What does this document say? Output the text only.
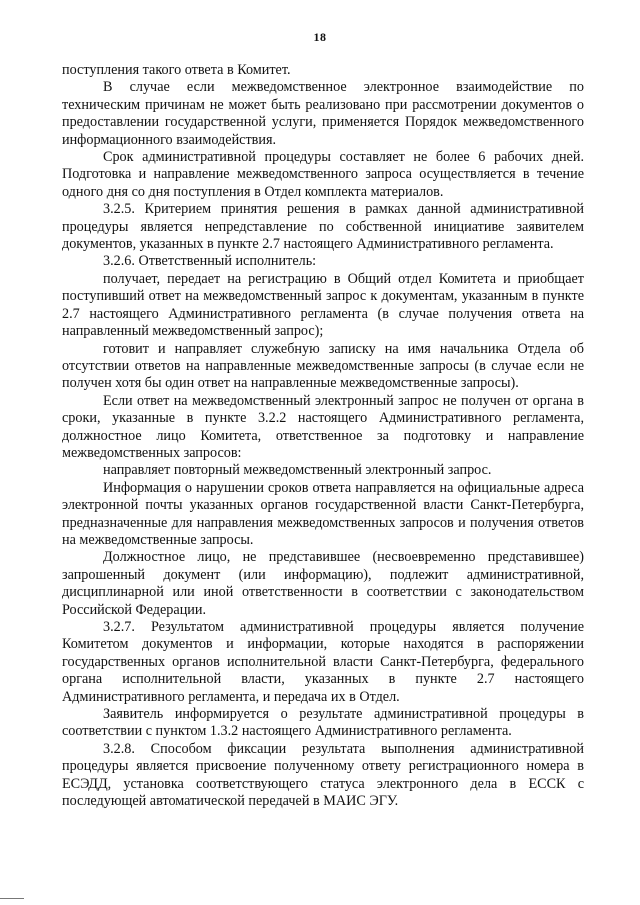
18

поступления такого ответа в Комитет.

В случае если межведомственное электронное взаимодействие по техническим причинам не может быть реализовано при рассмотрении документов о предоставлении государственной услуги, применяется Порядок межведомственного информационного взаимодействия.

Срок административной процедуры составляет не более 6 рабочих дней. Подготовка и направление межведомственного запроса осуществляется в течение одного дня со дня поступления в Отдел комплекта материалов.

3.2.5. Критерием принятия решения в рамках данной административной процедуры является непредставление по собственной инициативе заявителем документов, указанных в пункте 2.7 настоящего Административного регламента.

3.2.6. Ответственный исполнитель:

получает, передает на регистрацию в Общий отдел Комитета и приобщает поступивший ответ на межведомственный запрос к документам, указанным в пункте 2.7 настоящего Административного регламента (в случае получения ответа на направленный межведомственный запрос);

готовит и направляет служебную записку на имя начальника Отдела об отсутствии ответов на направленные межведомственные запросы (в случае если не получен хотя бы один ответ на направленные межведомственные запросы).

Если ответ на межведомственный электронный запрос не получен от органа в сроки, указанные в пункте 3.2.2 настоящего Административного регламента, должностное лицо Комитета, ответственное за подготовку и направление межведомственных запросов:

направляет повторный межведомственный электронный запрос.

Информация о нарушении сроков ответа направляется на официальные адреса электронной почты указанных органов государственной власти Санкт-Петербурга, предназначенные для направления межведомственных запросов и получения ответов на межведомственные запросы.

Должностное лицо, не представившее (несвоевременно представившее) запрошенный документ (или информацию), подлежит административной, дисциплинарной или иной ответственности в соответствии с законодательством Российской Федерации.

3.2.7. Результатом административной процедуры является получение Комитетом документов и информации, которые находятся в распоряжении государственных органов исполнительной власти Санкт-Петербурга, федерального органа исполнительной власти, указанных в пункте 2.7 настоящего Административного регламента, и передача их в Отдел.

Заявитель информируется о результате административной процедуры в соответствии с пунктом 1.3.2 настоящего Административного регламента.

3.2.8. Способом фиксации результата выполнения административной процедуры является присвоение полученному ответу регистрационного номера в ЕСЭДД, установка соответствующего статуса электронного дела в ЕССК с последующей автоматической передачей в МАИС ЭГУ.
